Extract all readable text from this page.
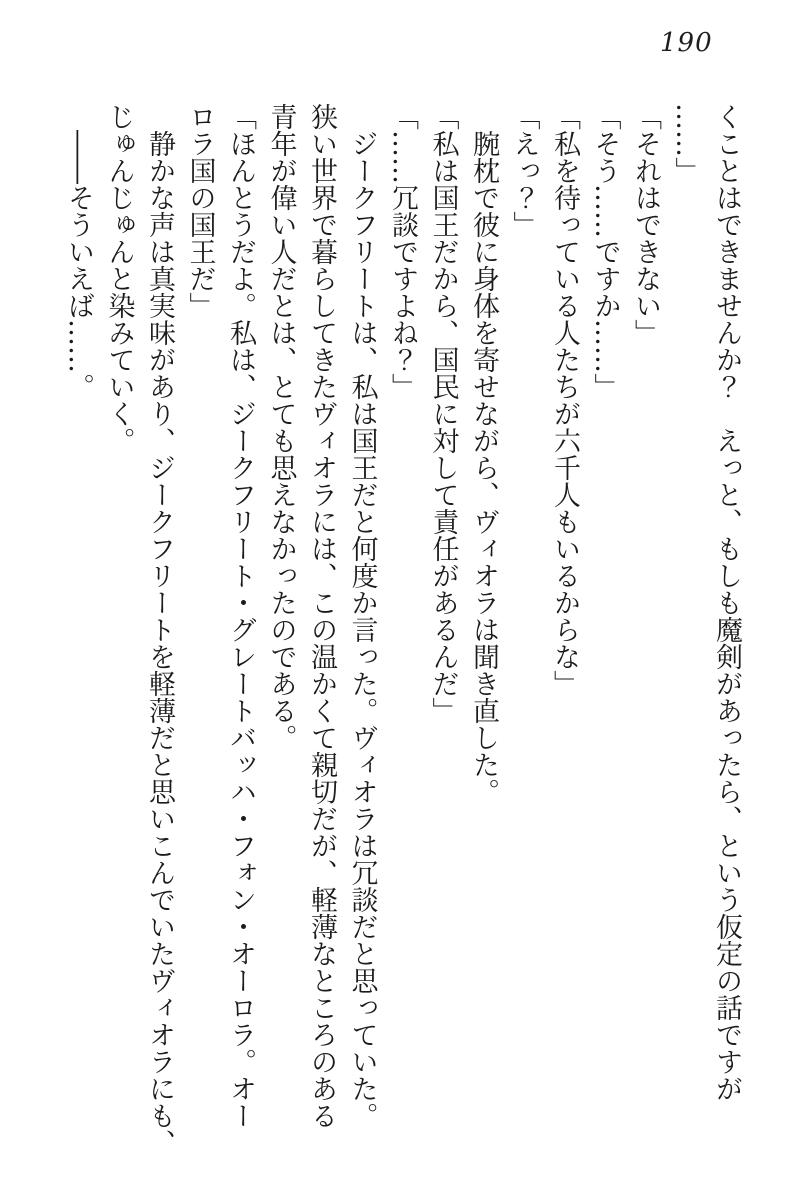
190

くことはできませんか？　えっと、もしも魔剣があったら、という仮定の話ですが

……」

「それはできない」

「そう……ですか……」

「私を待っている人たちが六千人もいるからな」

「えっ？」

腕枕で彼に身体を寄せながら、ヴィオラは聞き直した。

「私は国王だから、国民に対して責任があるんだ」

「……冗談ですよね？」

ジークフリートは、私は国王だと何度か言った。ヴィオラは冗談だと思っていた。

狭い世界で暮らしてきたヴィオラには、この温かくて親切だが、軽薄なところのある

青年が偉い人だとは、とても思えなかったのである。

「ほんとうだよ。私は、ジークフリート・グレートバッハ・フォン・オーロラ。オー

ロラ国の国王だ」

静かな声は真実味があり、ジークフリートを軽薄だと思いこんでいたヴィオラにも、

じゅんじゅんと染みていく。

――そういえば……。
